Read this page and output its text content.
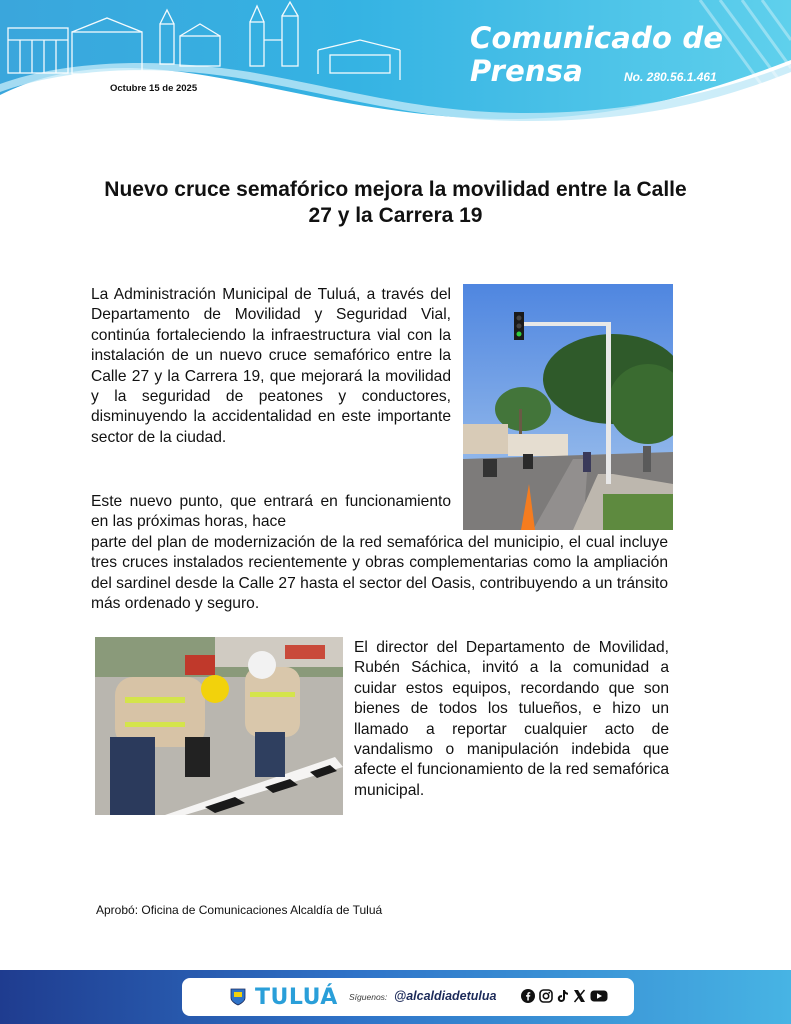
Comunicado de Prensa	No. 280.56.1.461
Octubre 15 de 2025
Nuevo cruce semafórico mejora la movilidad entre la Calle 27 y la Carrera 19

La Administración Municipal de Tuluá, a través del Departamento de Movilidad y Seguridad Vial, continúa fortaleciendo la infraestructura vial con la instalación de un nuevo cruce semafórico entre la Calle 27 y la Carrera 19, que mejorará la movilidad y la seguridad de peatones y conductores, disminuyendo la accidentalidad en este importante sector de la ciudad.

Este nuevo punto, que entrará en funcionamiento en las próximas horas, hace

parte del plan de modernización de la red semafórica del municipio, el cual incluye tres cruces instalados recientemente y obras complementarias como la ampliación del sardinel desde la Calle 27 hasta el sector del Oasis, contribuyendo a un tránsito más ordenado y seguro.

El director del Departamento de Movilidad, Rubén Sáchica, invitó a la comunidad a cuidar estos equipos, recordando que son bienes de todos los tulueños, e hizo un llamado a reportar cualquier acto de vandalismo o manipulación indebida que afecte el funcionamiento de la red semafórica municipal.

Aprobó: Oficina de Comunicaciones Alcaldía de Tuluá
TULUÁ Síguenos: @alcaldiadetulua
